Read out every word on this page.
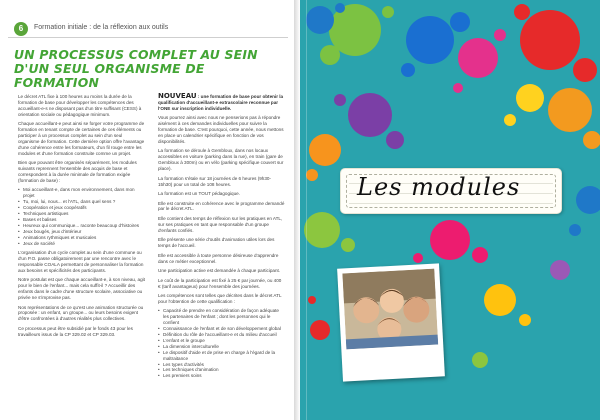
6	Formation initiale : de la réflexion aux outils
UN PROCESSUS COMPLET AU SEIN
D'UN SEUL ORGANISME DE FORMATION

Le décret ATL fixe à 100 heures au moins la durée de la formation de base pour développer les compétences des accueillant-e-s ne disposant pas d'un titre suffisant (CESS) à orientation sociale ou pédagogique minimum.

Chaque accueillant-e peut ainsi se forger votre programme de formation en tenant compte de certaines de ces éléments ou participer à un processus complet au sein d'un seul organisme de formation. Cette dernière option offre l'avantage d'une cohérence entre les formateurs, d'un fil rouge entre les modules et d'une formation construite comme un projet.

Bien que pouvant être organisés séparément, les modules suivants reprennent l'ensemble des acquis de base et correspondent à la durée minimale de formation exigée (formation de base) :

• Moi accueillant-e, dans mon environnement, dans mon projet
• Tu, moi, lui, nous... et l'ATL, dans quel sens ?
• Coopération et jeux coopératifs
• Techniques artistiques
• Bases et balises
• Heureux qui communique... raconte beaucoup d'histoires
• Jeux bougés, jeux d'intérieur
• Animations rythmiques et musicales
• Jeux de société

L'organisation d'un cycle complet au sein d'une commune ou d'un P.O. passe obligatoirement par une rencontre avec le responsable COALA permettant de personnaliser la formation aux besoins et spécificités des participants.

Notre postulat est que chaque accueillant-e, à son niveau, agit pour le bien de l'enfant... mais cela suffit-il ? Accueillir des enfants dans le cadre d'une structure scolaire, associative ou privée ne s'improvise pas.

Nos représentations de ce qu'est une animation structurée ou proposée : un enfant, un groupe... ou leurs besoins exigent d'être confrontées à d'autres réalités plus collectives.

Ce processus peut être subsidié par le fonds 43 pour les travailleurs issus de la CP 329.02 et CP 329.03.

NOUVEAU : une formation de base pour obtenir la qualification d'accueillant-e extrascolaire reconnue par l'ONE sur inscription individuelle.

Vous pourrez ainsi avec nous ne penserions pas à répondre aisément à ces demandes individuelles pour suivre la formation de base. C'est pourquoi, cette année, nous mettons en place un calendrier spécifique en fonction de vos disponibilités.

La formation se déroule à Gembloux, dans nos locaux accessibles en voiture (parking dans la rue), en train (gare de Gembloux à 300m) ou en vélo (parking spécifique couvert sur place).

La formation s'étale sur 18 journées de 6 heures (9h30-15h30) pour un total de 108 heures.

La formation est un TOUT pédagogique.

Elle est construite en cohérence avec le programme demandé par le décret ATL.

Elle contient des temps de réflexion sur les pratiques en ATL, sur ses pratiques en tant que responsable d'un groupe d'enfants confiés.

Elle présente une série d'outils d'animation utiles lors des temps de l'accueil.

Elle est accessible à toute personne désireuse d'apprendre dans ce métier exceptionnel.

Une participation active est demandée à chaque participant.

Le coût de la participation est fixé à 25 € par journée, ou 400 € (tarif avantageux) pour l'ensemble des journées.

Les compétences sont telles que décrites dans le décret ATL pour l'obtention de cette qualification :

• Capacité de prendre en considération de façon adéquate les partenaires de l'enfant ; dont les personnes qui le confient
• Connaissance de l'enfant et de son développement global
• Définition du rôle de l'accueillant-e et du milieu d'accueil
• L'enfant et le groupe
• La dimension interculturelle
• Le dispositif d'aide et de prise en charge à l'égard de la maltraitance
• Les types d'activités
• Les techniques d'animation
• Les premiers soins
Les modules
